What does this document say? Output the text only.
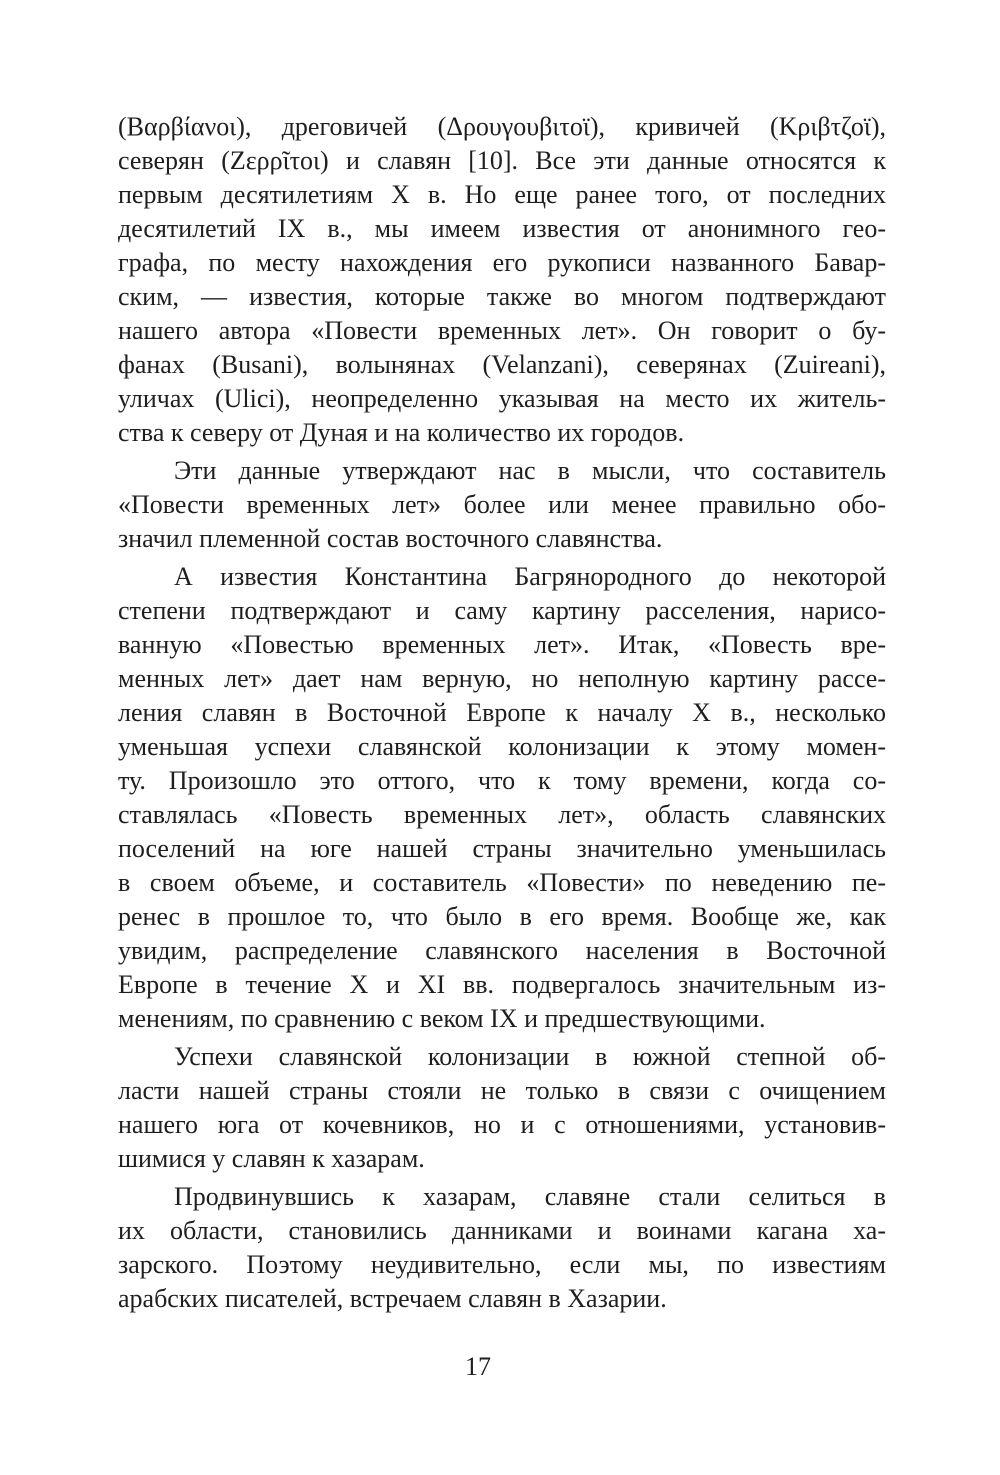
(Βαρβίανοι), дреговичей (Δρουγουβιτοϊ), кривичей (Κριβτζοϊ),
северян (Ζερρῖτοι) и славян [10]. Все эти данные относятся к
первым десятилетиям X в. Но еще ранее того, от последних
десятилетий IX в., мы имеем известия от анонимного гео-
графа, по месту нахождения его рукописи названного Бавар-
ским, — известия, которые также во многом подтверждают
нашего автора «Повести временных лет». Он говорит о бу-
фанах (Busani), волынянах (Velanzani), северянах (Zuireani),
уличах (Ulici), неопределенно указывая на место их житель-
ства к северу от Дуная и на количество их городов.
Эти данные утверждают нас в мысли, что составитель
«Повести временных лет» более или менее правильно обо-
значил племенной состав восточного славянства.
А известия Константина Багрянородного до некоторой
степени подтверждают и саму картину расселения, нарисо-
ванную «Повестью временных лет». Итак, «Повесть вре-
менных лет» дает нам верную, но неполную картину рассе-
ления славян в Восточной Европе к началу X в., несколько
уменьшая успехи славянской колонизации к этому момен-
ту. Произошло это оттого, что к тому времени, когда со-
ставлялась «Повесть временных лет», область славянских
поселений на юге нашей страны значительно уменьшилась
в своем объеме, и составитель «Повести» по неведению пе-
ренес в прошлое то, что было в его время. Вообще же, как
увидим, распределение славянского населения в Восточной
Европе в течение X и XI вв. подвергалось значительным из-
менениям, по сравнению с веком IX и предшествующими.
Успехи славянской колонизации в южной степной об-
ласти нашей страны стояли не только в связи с очищением
нашего юга от кочевников, но и с отношениями, установив-
шимися у славян к хазарам.
Продвинувшись к хазарам, славяне стали селиться в
их области, становились данниками и воинами кагана ха-
зарского. Поэтому неудивительно, если мы, по известиям
арабских писателей, встречаем славян в Хазарии.
17
